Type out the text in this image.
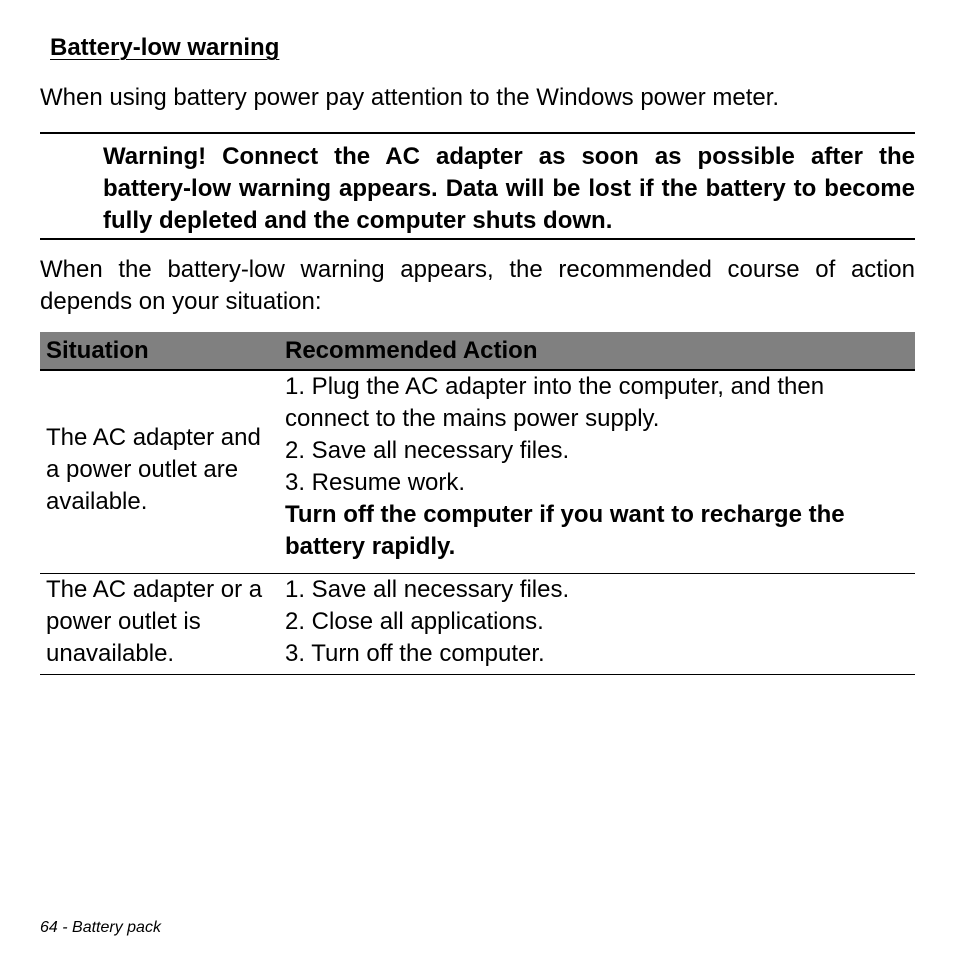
Battery-low warning

When using battery power pay attention to the Windows power meter.

Warning! Connect the AC adapter as soon as possible after the battery-low warning appears. Data will be lost if the battery to become fully depleted and the computer shuts down.

When the battery-low warning appears, the recommended course of action depends on your situation:

Situation	Recommended Action
The AC adapter and a power outlet are available.	1. Plug the AC adapter into the computer, and then connect to the mains power supply.
2. Save all necessary files.
3. Resume work.
Turn off the computer if you want to recharge the battery rapidly.

The AC adapter or a power outlet is unavailable.	1. Save all necessary files.
2. Close all applications.
3. Turn off the computer.

64 - Battery pack
